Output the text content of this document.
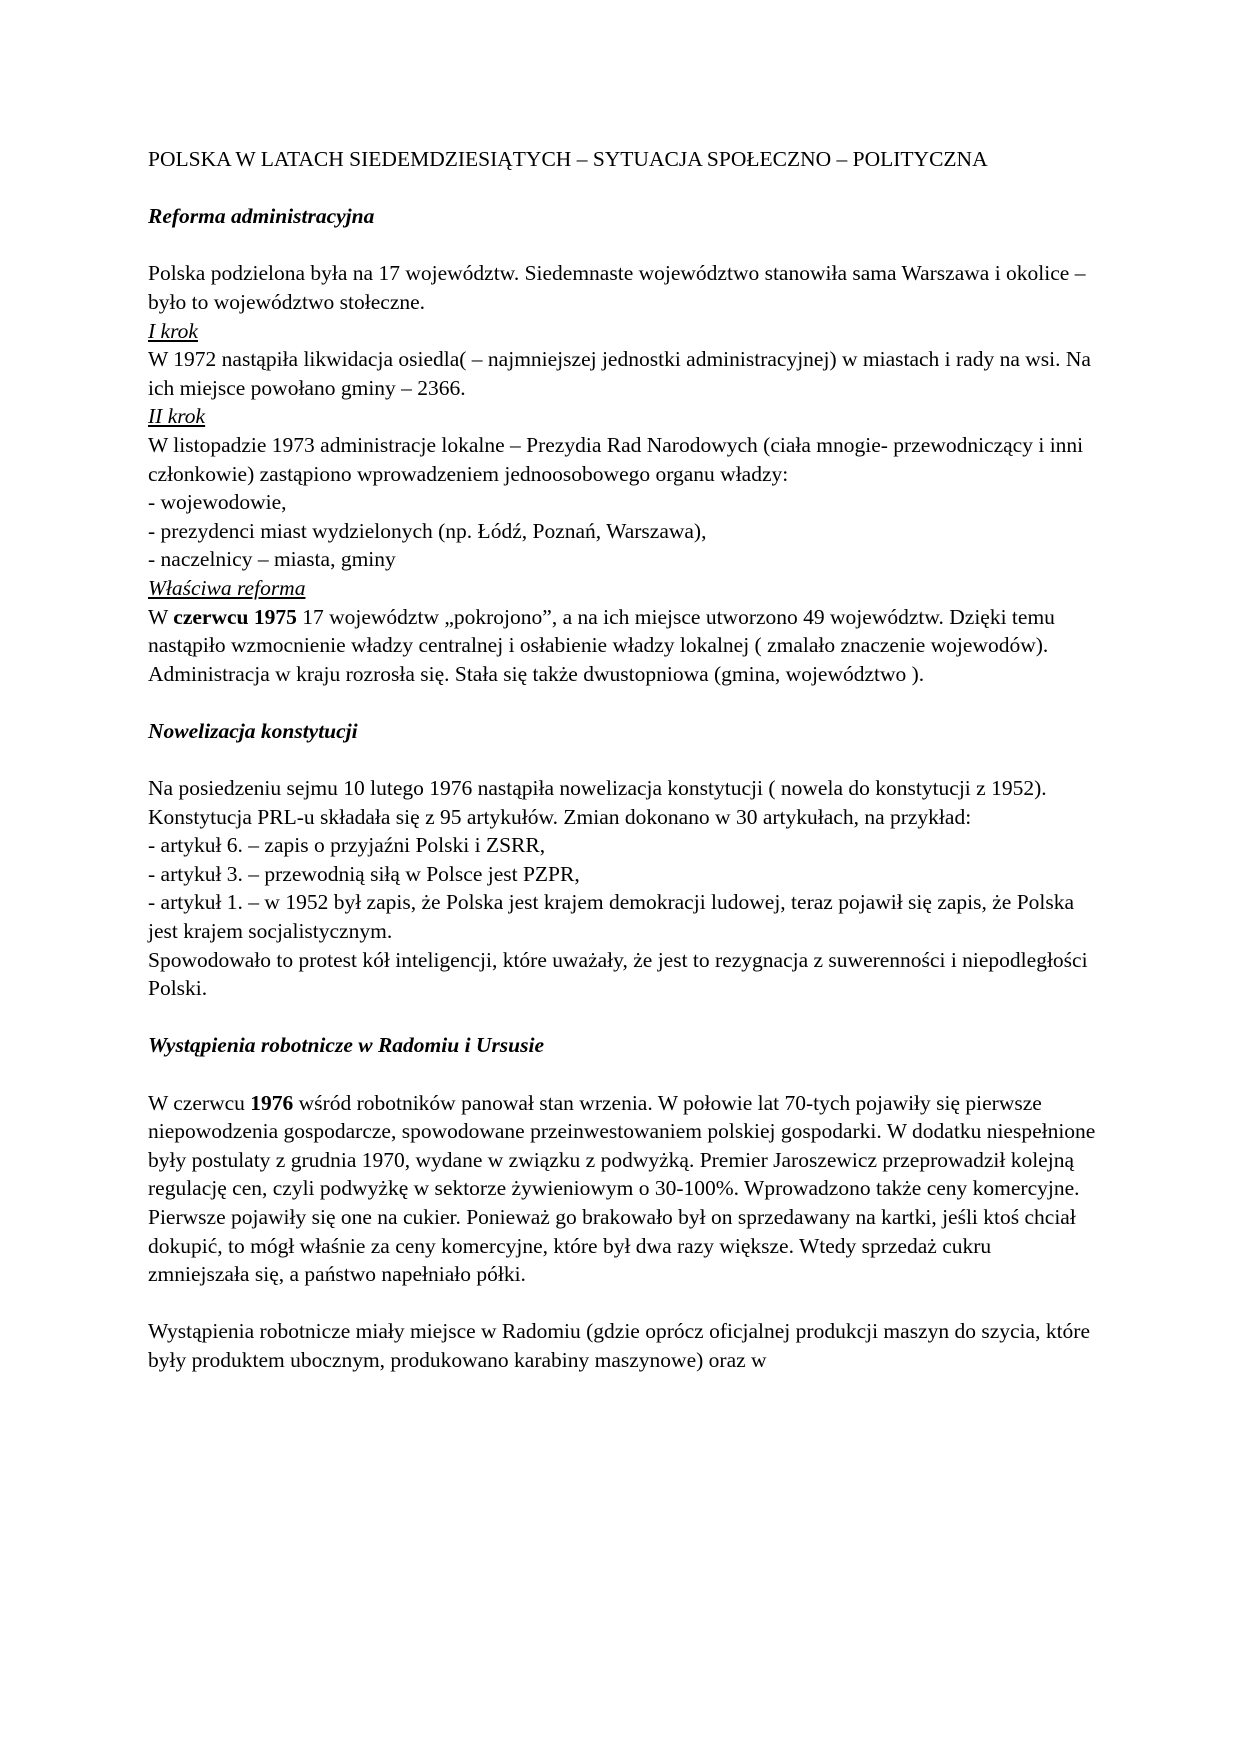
POLSKA W LATACH SIEDEMDZIESIĄTYCH – SYTUACJA SPOŁECZNO – POLITYCZNA
Reforma administracyjna

Polska podzielona była na 17 województw. Siedemnaste województwo stanowiła sama Warszawa i okolice – było to województwo stołeczne.

I krok

W 1972 nastąpiła likwidacja osiedla( – najmniejszej jednostki administracyjnej) w miastach i rady na wsi. Na ich miejsce powołano gminy – 2366.

II krok

W listopadzie 1973 administracje lokalne – Prezydia Rad Narodowych (ciała mnogie- przewodniczący i inni członkowie) zastąpiono wprowadzeniem jednoosobowego organu władzy:

- wojewodowie,

- prezydenci miast wydzielonych (np. Łódź, Poznań, Warszawa),

- naczelnicy – miasta, gminy

Właściwa reforma

W czerwcu 1975 17 województw „pokrojono”, a na ich miejsce utworzono 49 województw. Dzięki temu nastąpiło wzmocnienie władzy centralnej i osłabienie władzy lokalnej ( zmalało znaczenie wojewodów). Administracja w kraju rozrosła się. Stała się także dwustopniowa (gmina, województwo ).

Nowelizacja konstytucji

Na posiedzeniu sejmu 10 lutego 1976 nastąpiła nowelizacja konstytucji ( nowela do konstytucji z 1952).

Konstytucja PRL-u składała się z 95 artykułów. Zmian dokonano w 30 artykułach, na przykład:

- artykuł 6. – zapis o przyjaźni Polski i ZSRR,

- artykuł 3. – przewodnią siłą w Polsce jest PZPR,

- artykuł 1. – w 1952 był zapis, że Polska jest krajem demokracji ludowej, teraz pojawił się zapis, że Polska jest krajem socjalistycznym.

Spowodowało to protest kół inteligencji, które uważały, że jest to rezygnacja z suwerenności i niepodległości Polski.

Wystąpienia robotnicze w Radomiu i Ursusie

W czerwcu 1976 wśród robotników panował stan wrzenia. W połowie lat 70-tych pojawiły się pierwsze niepowodzenia gospodarcze, spowodowane przeinwestowaniem polskiej gospodarki. W dodatku niespełnione były postulaty z grudnia 1970, wydane w związku z podwyżką. Premier Jaroszewicz przeprowadził kolejną regulację cen, czyli podwyżkę w sektorze żywieniowym o 30-100%. Wprowadzono także ceny komercyjne. Pierwsze pojawiły się one na cukier. Ponieważ go brakowało był on sprzedawany na kartki, jeśli ktoś chciał dokupić, to mógł właśnie za ceny komercyjne, które był dwa razy większe. Wtedy sprzedaż cukru zmniejszała się, a państwo napełniało półki.

Wystąpienia robotnicze miały miejsce w Radomiu (gdzie oprócz oficjalnej produkcji maszyn do szycia, które były produktem ubocznym, produkowano karabiny maszynowe) oraz w
